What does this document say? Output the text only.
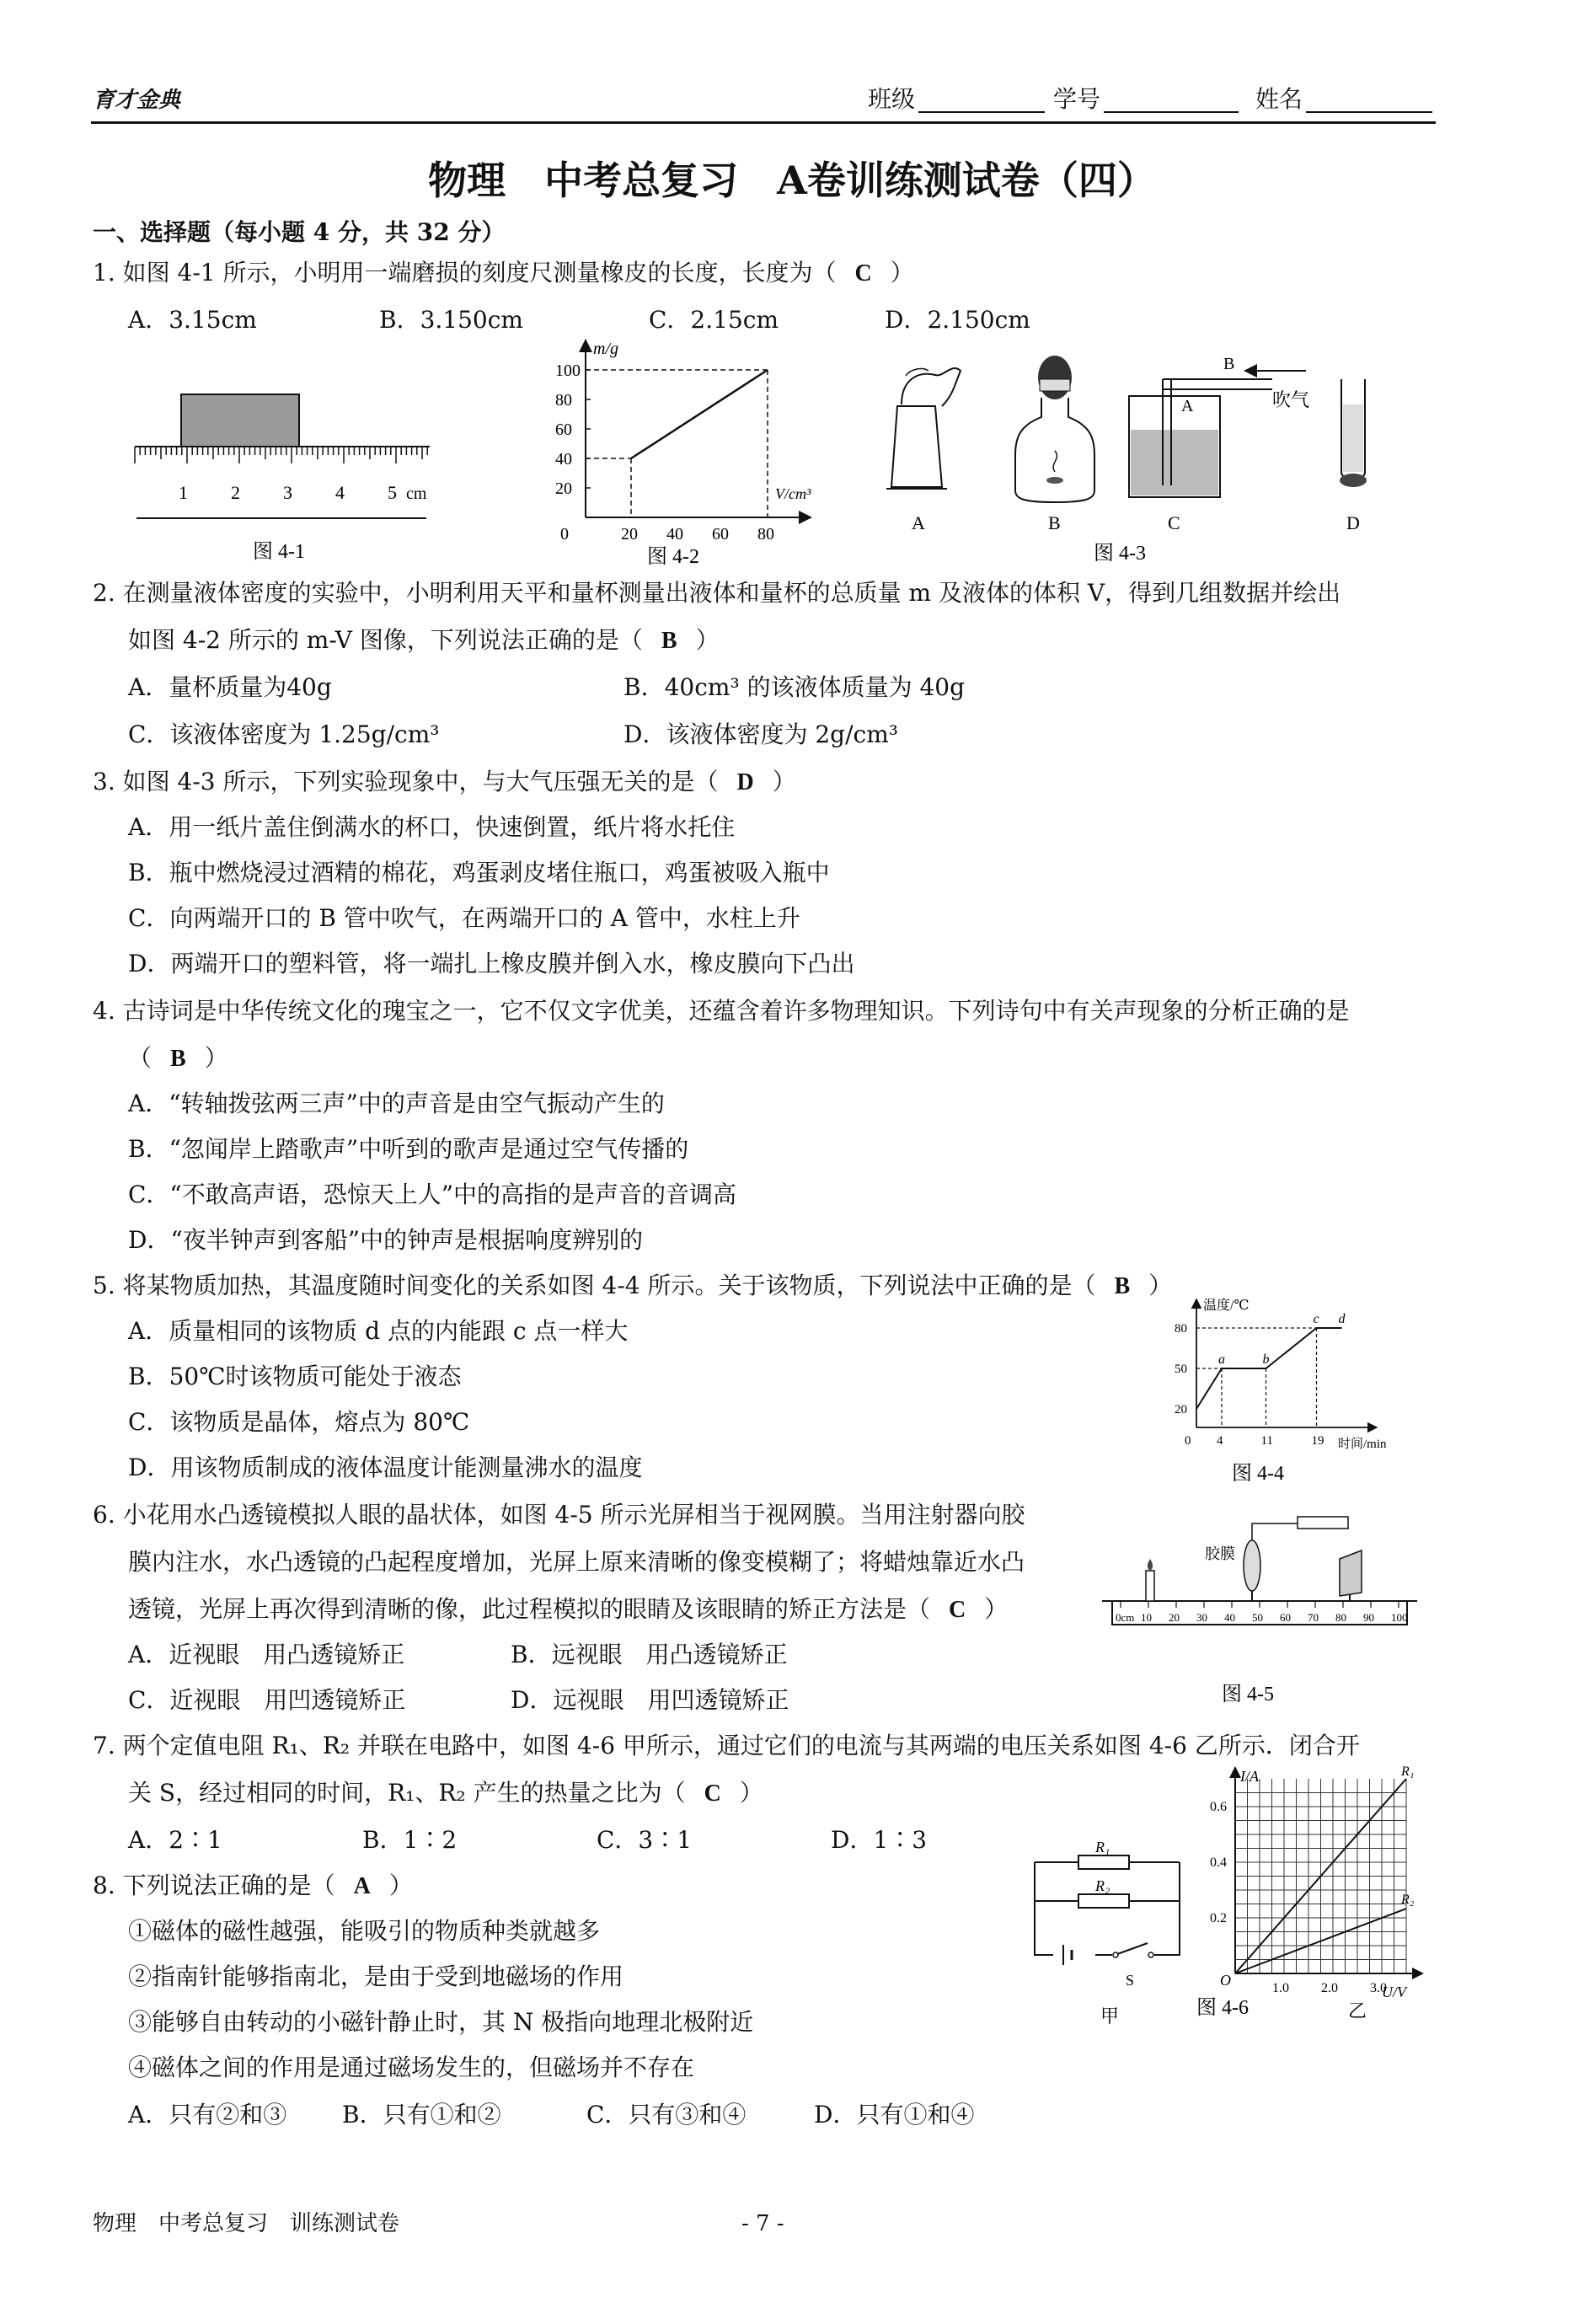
育才金典	班级	学号	姓名
物理　中考总复习　A卷训练测试卷（四）
一、选择题（每小题 4 分，共 32 分）
1. 如图 4-1 所示，小明用一端磨损的刻度尺测量橡皮的长度，长度为（ C ）
A．3.15cm	B．3.150cm	C．2.15cm	D．2.150cm
1 2 3 4 5 cm
图 4-1
m/g
V/cm³
0	20 40 60 80
20
40
60
80
100
图 4-2
A	B
B
A	吹气
C	D
图 4-3
2. 在测量液体密度的实验中，小明利用天平和量杯测量出液体和量杯的总质量 m 及液体的体积 V，得到几组数据并绘出
如图 4-2 所示的 m-V 图像，下列说法正确的是（ B ）
A．量杯质量为40g	B．40cm³ 的该液体质量为 40g
C．该液体密度为 1.25g/cm³	D．该液体密度为 2g/cm³
3. 如图 4-3 所示，下列实验现象中，与大气压强无关的是（ D ）
A．用一纸片盖住倒满水的杯口，快速倒置，纸片将水托住
B．瓶中燃烧浸过酒精的棉花，鸡蛋剥皮堵住瓶口，鸡蛋被吸入瓶中
C．向两端开口的 B 管中吹气，在两端开口的 A 管中，水柱上升
D．两端开口的塑料管，将一端扎上橡皮膜并倒入水，橡皮膜向下凸出
4. 古诗词是中华传统文化的瑰宝之一，它不仅文字优美，还蕴含着许多物理知识。下列诗句中有关声现象的分析正确的是
（ B ）
A．“转轴拨弦两三声”中的声音是由空气振动产生的
B．“忽闻岸上踏歌声”中听到的歌声是通过空气传播的
C．“不敢高声语，恐惊天上人”中的高指的是声音的音调高
D．“夜半钟声到客船”中的钟声是根据响度辨别的
5. 将某物质加热，其温度随时间变化的关系如图 4-4 所示。关于该物质，下列说法中正确的是（ B ）
A．质量相同的该物质 d 点的内能跟 c 点一样大
B．50℃时该物质可能处于液态
C．该物质是晶体，熔点为 80℃
D．用该物质制成的液体温度计能测量沸水的温度
温度/℃
时间/min
0 4	11	19
20
50
80
a	b
c d
图 4-4
6. 小花用水凸透镜模拟人眼的晶状体，如图 4-5 所示光屏相当于视网膜。当用注射器向胶
膜内注水，水凸透镜的凸起程度增加，光屏上原来清晰的像变模糊了；将蜡烛靠近水凸
透镜，光屏上再次得到清晰的像，此过程模拟的眼睛及该眼睛的矫正方法是（ C ）
A．近视眼　用凸透镜矫正	B．远视眼　用凸透镜矫正
C．近视眼　用凹透镜矫正	D．远视眼　用凹透镜矫正
0cm 10 20 30 40 50 60 70 80 90 100
胶膜
图 4-5
7. 两个定值电阻 R₁、R₂ 并联在电路中，如图 4-6 甲所示，通过它们的电流与其两端的电压关系如图 4-6 乙所示．闭合开
关 S，经过相同的时间，R₁、R₂ 产生的热量之比为（ C ）
A．2∶1	B．1∶2	C．3∶1	D．1∶3
8. 下列说法正确的是（ A ）
①磁体的磁性越强，能吸引的物质种类就越多
②指南针能够指南北，是由于受到地磁场的作用
③能够自由转动的小磁针静止时，其 N 极指向地理北极附近
④磁体之间的作用是通过磁场发生的，但磁场并不存在
A．只有②和③ B．只有①和②	C．只有③和④	D．只有①和④
R₁
R₂
S
甲
I/A
U/V
O	1.0 2.0 3.0
0.2
0.4
0.6
R₁
R₂
乙
图 4-6
物理　中考总复习　训练测试卷	- 7 -
